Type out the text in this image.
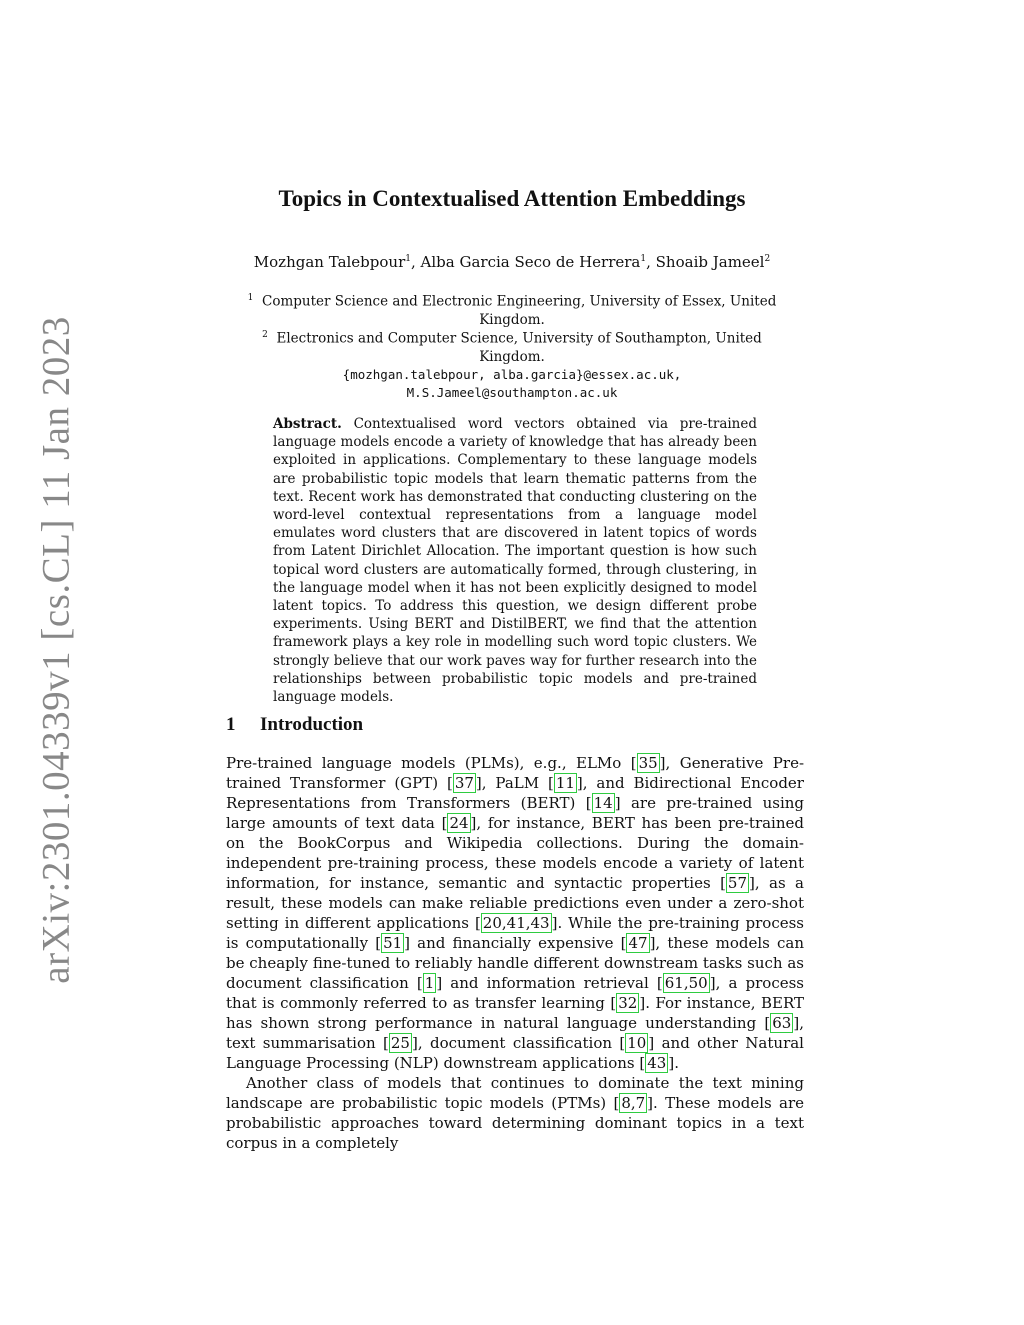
arXiv:2301.04339v1 [cs.CL] 11 Jan 2023
Topics in Contextualised Attention Embeddings
Mozhgan Talebpour$^1$, Alba Garcia Seco de Herrera$^1$, Shoaib Jameel$^2$
$^1$ Computer Science and Electronic Engineering, University of Essex, United
Kingdom.
$^2$ Electronics and Computer Science, University of Southampton, United Kingdom.
{mozhgan.talebpour, alba.garcia}@essex.ac.uk,
M.S.Jameel@southampton.ac.uk
Abstract. Contextualised word vectors obtained via pre-trained language models encode a variety of knowledge that has already been exploited in applications. Complementary to these language models are probabilistic topic models that learn thematic patterns from the text. Recent work has demonstrated that conducting clustering on the word-level contextual representations from a language model emulates word clusters that are discovered in latent topics of words from Latent Dirichlet Allocation. The important question is how such topical word clusters are automatically formed, through clustering, in the language model when it has not been explicitly designed to model latent topics. To address this question, we design different probe experiments. Using BERT and DistilBERT, we find that the attention framework plays a key role in modelling such word topic clusters. We strongly believe that our work paves way for further research into the relationships between probabilistic topic models and pre-trained language models.
1 Introduction

Pre-trained language models (PLMs), e.g., ELMo [ 35 ], Generative Pre-trained Transformer (GPT) [ 37 ], PaLM [ 11 ], and Bidirectional Encoder Representations from Transformers (BERT) [ 14 ] are pre-trained using large amounts of text data [ 24 ], for instance, BERT has been pre-trained on the BookCorpus and Wikipedia collections. During the domain-independent pre-training process, these models encode a variety of latent information, for instance, semantic and syntactic properties [ 57 ], as a result, these models can make reliable predictions even under a zero-shot setting in different applications [ 20,41,43 ]. While the pre-training process is computationally [ 51 ] and financially expensive [ 47 ], these models can be cheaply fine-tuned to reliably handle different downstream tasks such as document classification [ 1 ] and information retrieval [ 61,50 ], a process that is commonly referred to as transfer learning [ 32 ]. For instance, BERT has shown strong performance in natural language understanding [ 63 ], text summarisation [ 25 ], document classification [ 10 ] and other Natural Language Processing (NLP) downstream applications [ 43 ].

Another class of models that continues to dominate the text mining landscape are probabilistic topic models (PTMs) [ 8,7 ]. These models are probabilistic approaches toward determining dominant topics in a text corpus in a completely
